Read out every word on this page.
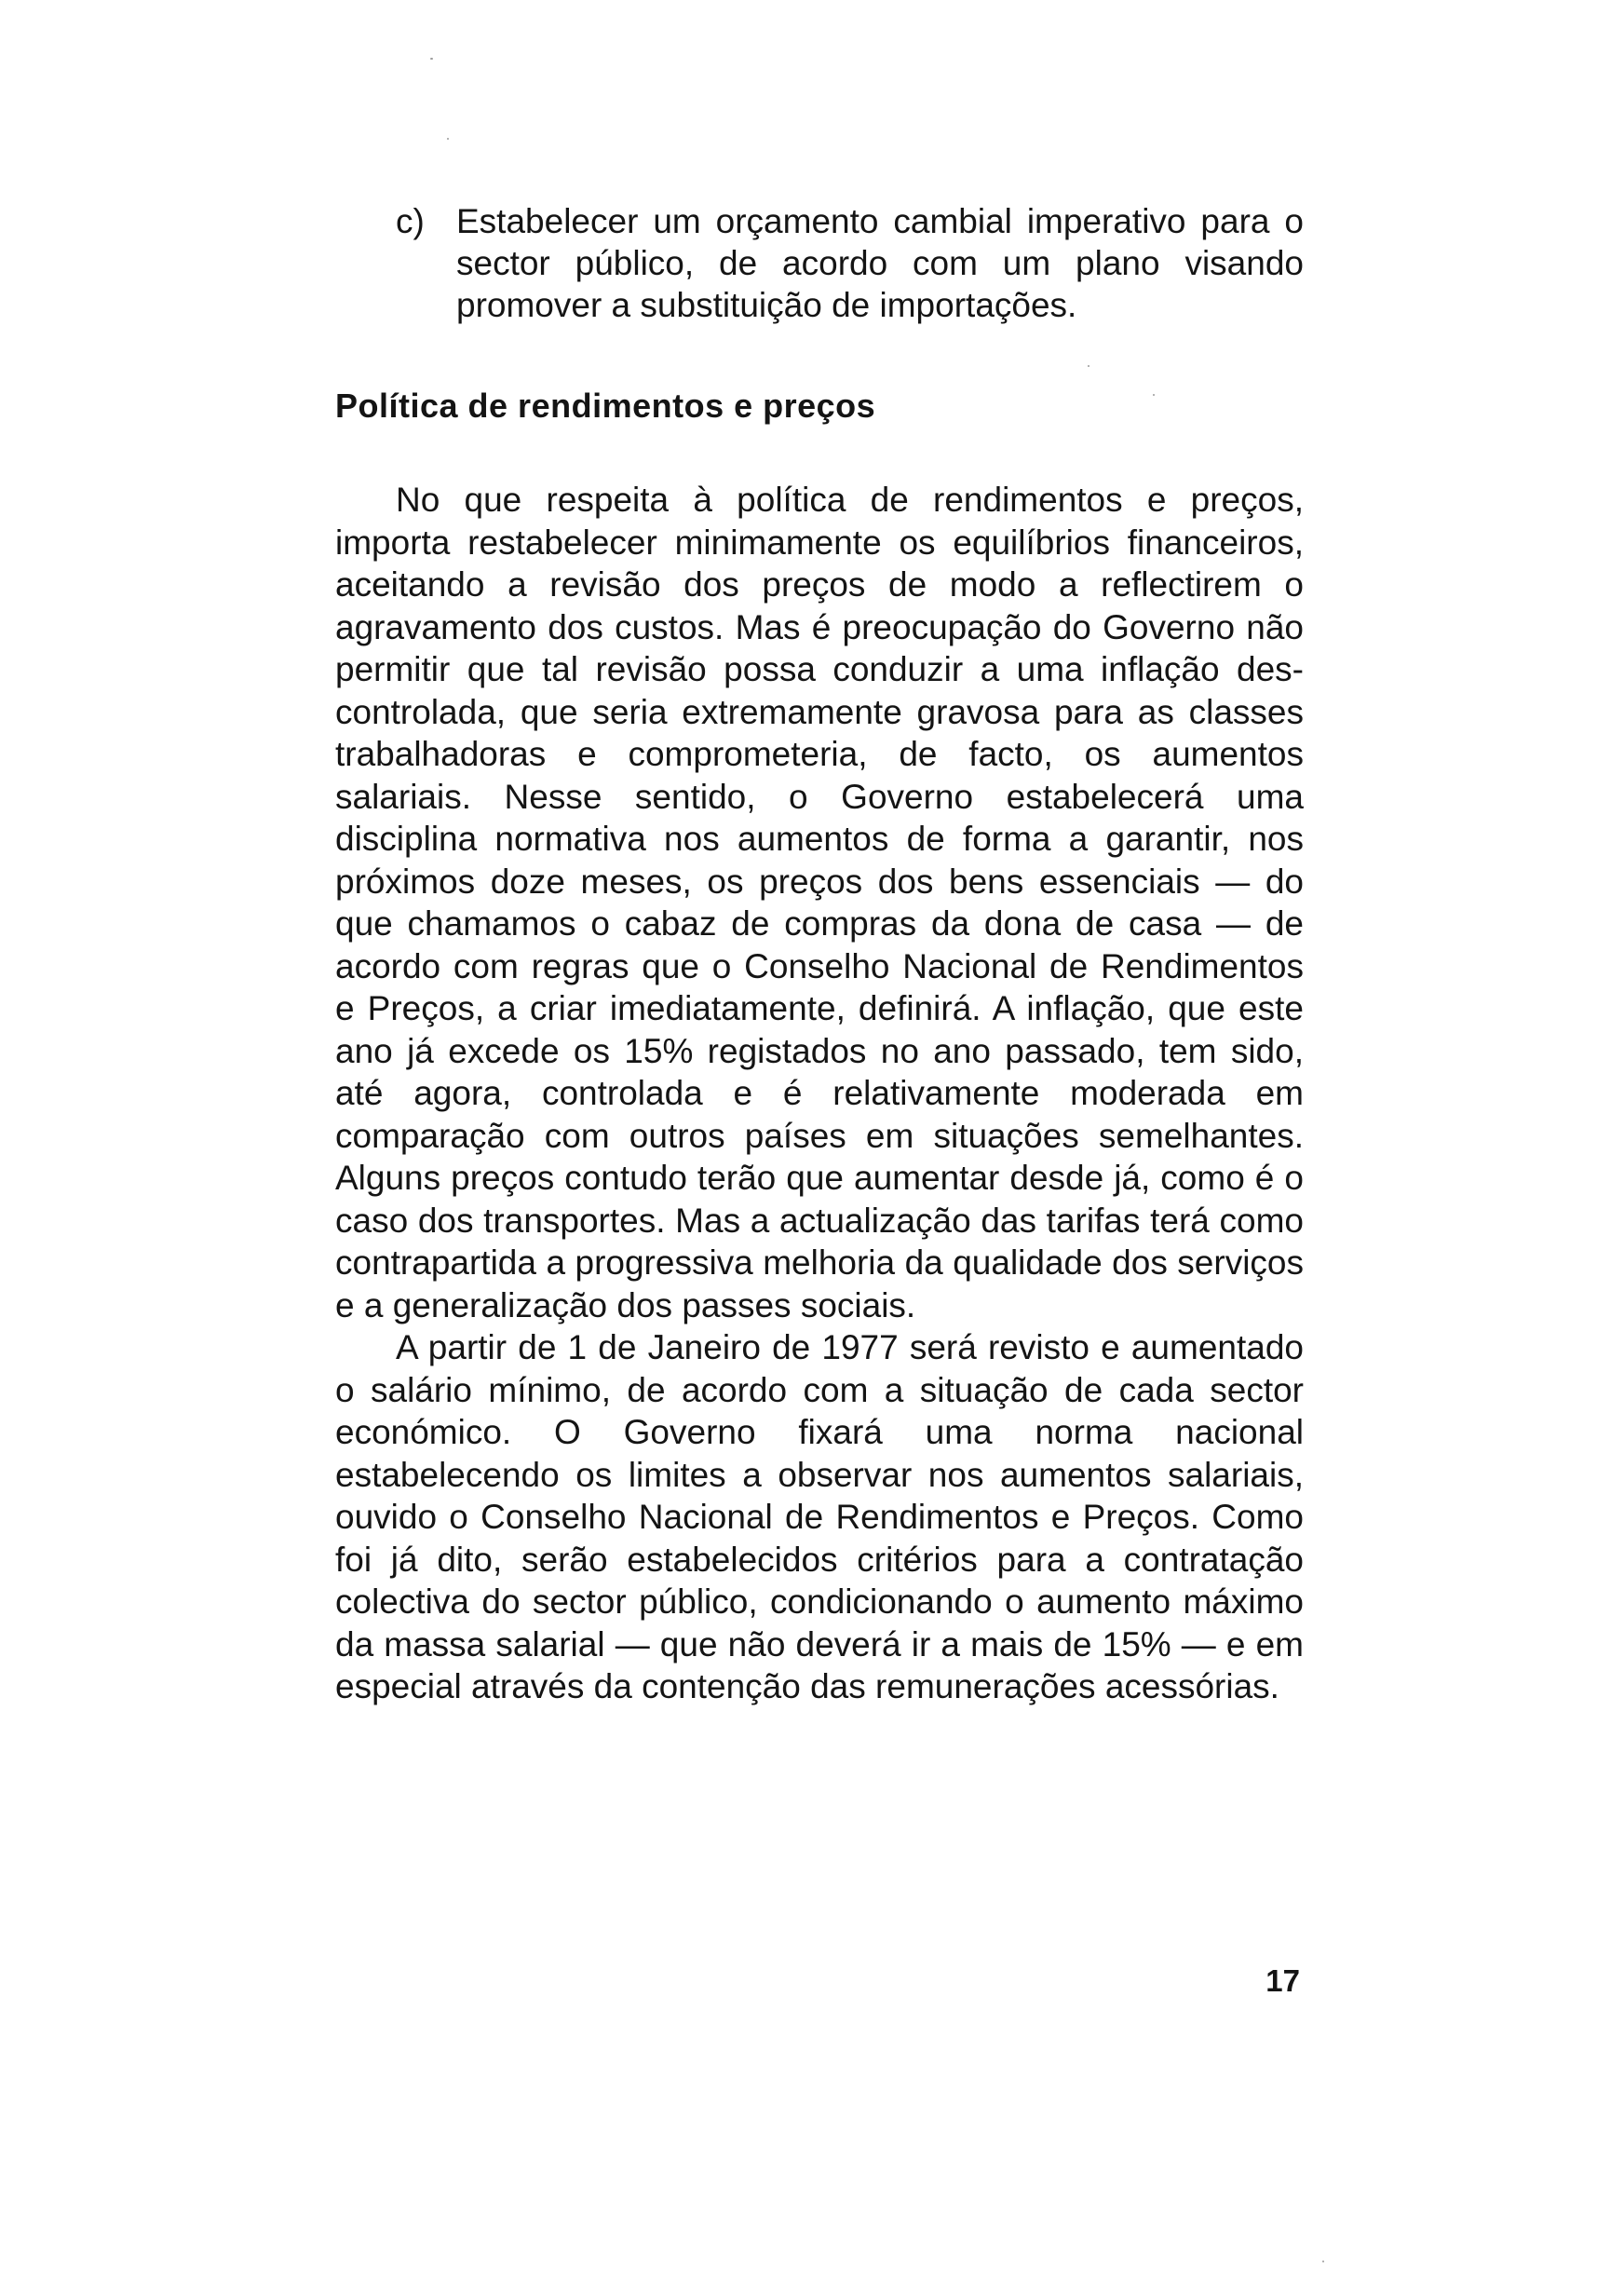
c) Estabelecer um orçamento cambial imperativo para o sector público, de acordo com um plano visando promover a substituição de importações.
Política de rendimentos e preços

No que respeita à política de rendimentos e preços, importa restabelecer minimamente os equilíbrios financeiros, aceitando a revisão dos preços de modo a reflectirem o agravamento dos custos. Mas é preocupação do Governo não permitir que tal revisão possa conduzir a uma inflação descontrolada, que seria extremamente gravosa para as classes trabalhadoras e comprometeria, de facto, os aumentos salariais. Nesse sentido, o Governo estabelecerá uma disciplina normativa nos aumentos de forma a garantir, nos próximos doze meses, os preços dos bens essenciais — do que chamamos o cabaz de compras da dona de casa — de acordo com regras que o Conselho Nacional de Rendimentos e Preços, a criar imediatamente, definirá. A inflação, que este ano já excede os 15% registados no ano passado, tem sido, até agora, controlada e é relativamente moderada em comparação com outros países em situações semelhantes. Alguns preços contudo terão que aumentar desde já, como é o caso dos transportes. Mas a actualização das tarifas terá como contrapartida a progressiva melhoria da qualidade dos serviços e a generalização dos passes sociais.

A partir de 1 de Janeiro de 1977 será revisto e aumentado o salário mínimo, de acordo com a situação de cada sector económico. O Governo fixará uma norma nacional estabelecendo os limites a observar nos aumentos salariais, ouvido o Conselho Nacional de Rendimentos e Preços. Como foi já dito, serão estabelecidos critérios para a contratação colectiva do sector público, condicionando o aumento máximo da massa salarial — que não deverá ir a mais de 15% — e em especial através da contenção das remunerações acessórias.

17
